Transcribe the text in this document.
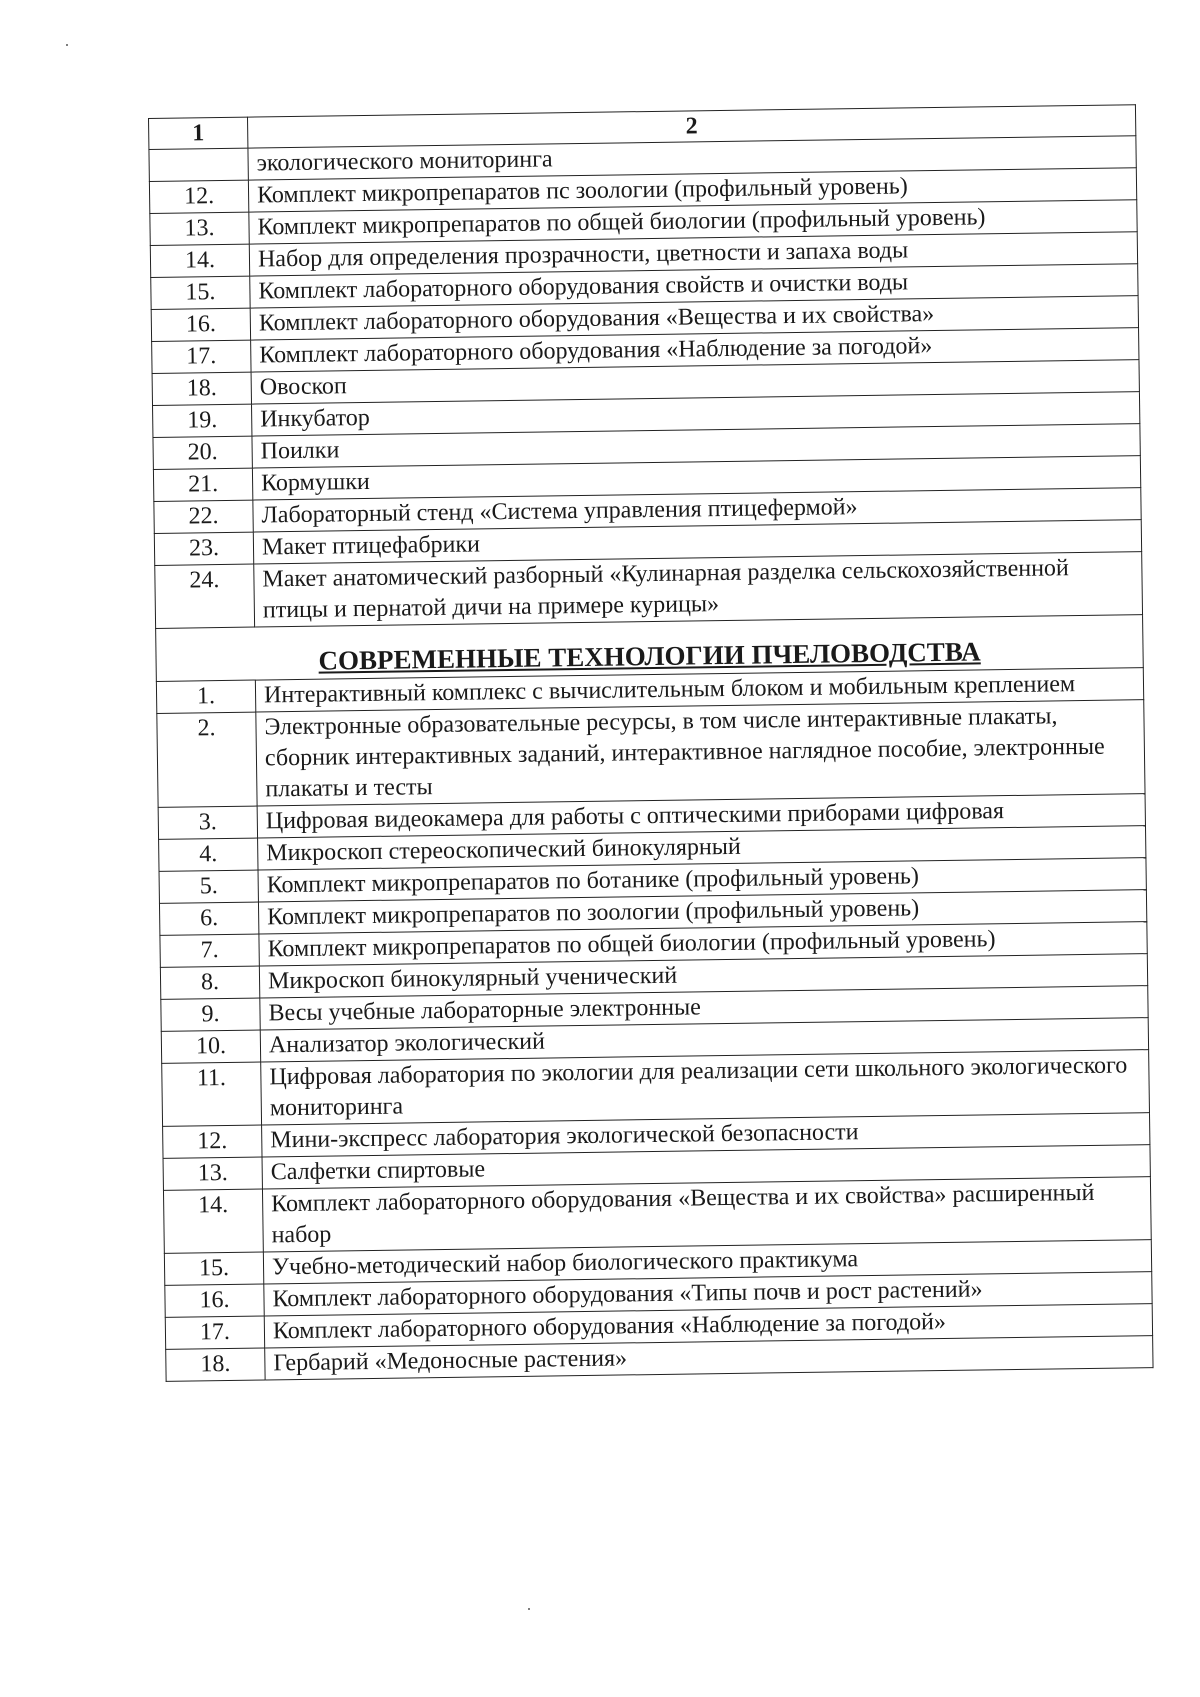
1	2
	экологического мониторинга
12.	Комплект микропрепаратов пс зоологии (профильный уровень)
13.	Комплект микропрепаратов по общей биологии (профильный уровень)
14.	Набор для определения прозрачности, цветности и запаха воды
15.	Комплект лабораторного оборудования свойств и очистки воды
16.	Комплект лабораторного оборудования «Вещества и их свойства»
17.	Комплект лабораторного оборудования «Наблюдение за погодой»
18.	Овоскоп
19.	Инкубатор
20.	Поилки
21.	Кормушки
22.	Лабораторный стенд «Система управления птицефермой»
23.	Макет птицефабрики
24.	Макет анатомический разборный «Кулинарная разделка сельскохозяйственной птицы и пернатой дичи на примере курицы»
СОВРЕМЕННЫЕ ТЕХНОЛОГИИ ПЧЕЛОВОДСТВА	
1.	Интерактивный комплекс с вычислительным блоком и мобильным креплением
2.	Электронные образовательные ресурсы, в том числе интерактивные плакаты, сборник интерактивных заданий, интерактивное наглядное пособие, электронные плакаты и тесты
3.	Цифровая видеокамера для работы с оптическими приборами цифровая
4.	Микроскоп стереоскопический бинокулярный
5.	Комплект микропрепаратов по ботанике (профильный уровень)
6.	Комплект микропрепаратов по зоологии (профильный уровень)
7.	Комплект микропрепаратов по общей биологии (профильный уровень)
8.	Микроскоп бинокулярный ученический
9.	Весы учебные лабораторные электронные
10.	Анализатор экологический
11.	Цифровая лаборатория по экологии для реализации сети школьного экологического мониторинга
12.	Мини-экспресс лаборатория экологической безопасности
13.	Салфетки спиртовые
14.	Комплект лабораторного оборудования «Вещества и их свойства» расширенный набор
15.	Учебно-методический набор биологического практикума
16.	Комплект лабораторного оборудования «Типы почв и рост растений»
17.	Комплект лабораторного оборудования «Наблюдение за погодой»
18.	Гербарий «Медоносные растения»
